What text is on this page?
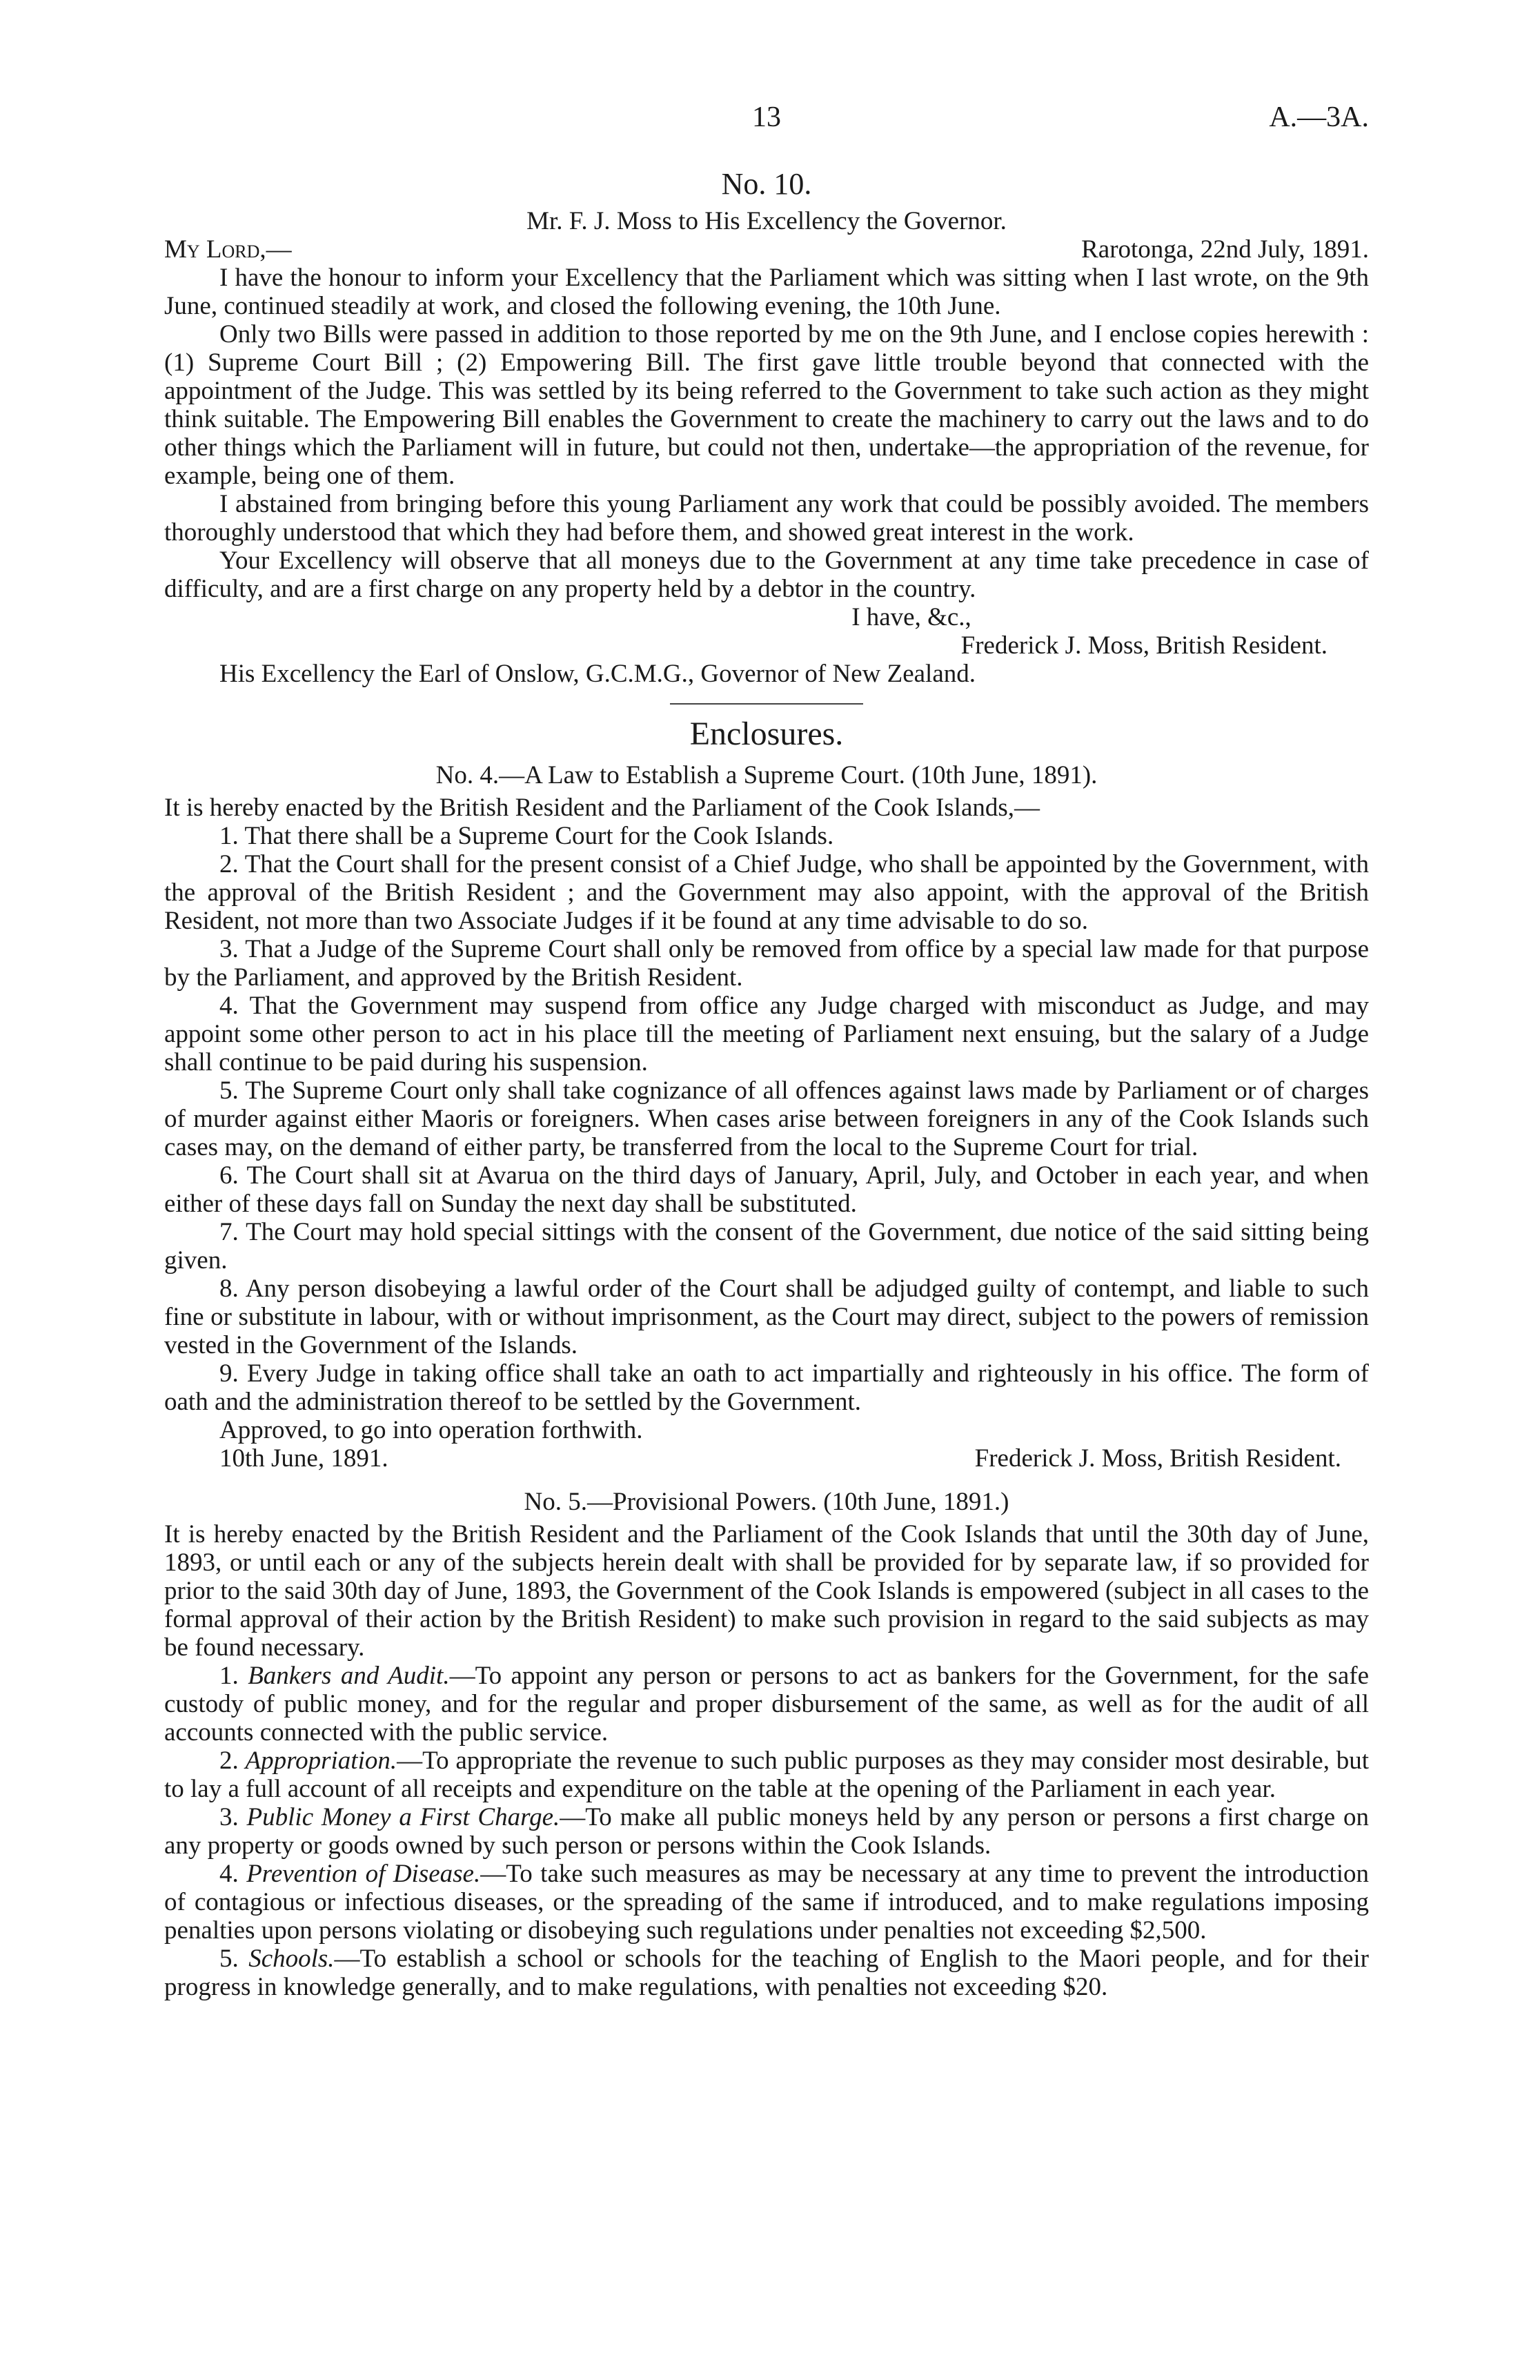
13	A.—3A.
No. 10.
Mr. F. J. Moss to His Excellency the Governor.
My Lord,—	Rarotonga, 22nd July, 1891.

I have the honour to inform your Excellency that the Parliament which was sitting when I last wrote, on the 9th June, continued steadily at work, and closed the following evening, the 10th June.

Only two Bills were passed in addition to those reported by me on the 9th June, and I enclose copies herewith : (1) Supreme Court Bill ; (2) Empowering Bill. The first gave little trouble beyond that connected with the appointment of the Judge. This was settled by its being referred to the Government to take such action as they might think suitable. The Empowering Bill enables the Government to create the machinery to carry out the laws and to do other things which the Parliament will in future, but could not then, undertake—the appropriation of the revenue, for example, being one of them.

I abstained from bringing before this young Parliament any work that could be possibly avoided. The members thoroughly understood that which they had before them, and showed great interest in the work.

Your Excellency will observe that all moneys due to the Government at any time take precedence in case of difficulty, and are a first charge on any property held by a debtor in the country.

I have, &c.,
Frederick J. Moss, British Resident.
His Excellency the Earl of Onslow, G.C.M.G., Governor of New Zealand.
Enclosures.
No. 4.—A Law to Establish a Supreme Court. (10th June, 1891).

It is hereby enacted by the British Resident and the Parliament of the Cook Islands,—

1. That there shall be a Supreme Court for the Cook Islands.

2. That the Court shall for the present consist of a Chief Judge, who shall be appointed by the Government, with the approval of the British Resident ; and the Government may also appoint, with the approval of the British Resident, not more than two Associate Judges if it be found at any time advisable to do so.

3. That a Judge of the Supreme Court shall only be removed from office by a special law made for that purpose by the Parliament, and approved by the British Resident.

4. That the Government may suspend from office any Judge charged with misconduct as Judge, and may appoint some other person to act in his place till the meeting of Parliament next ensuing, but the salary of a Judge shall continue to be paid during his suspension.

5. The Supreme Court only shall take cognizance of all offences against laws made by Parliament or of charges of murder against either Maoris or foreigners. When cases arise between foreigners in any of the Cook Islands such cases may, on the demand of either party, be transferred from the local to the Supreme Court for trial.

6. The Court shall sit at Avarua on the third days of January, April, July, and October in each year, and when either of these days fall on Sunday the next day shall be substituted.

7. The Court may hold special sittings with the consent of the Government, due notice of the said sitting being given.

8. Any person disobeying a lawful order of the Court shall be adjudged guilty of contempt, and liable to such fine or substitute in labour, with or without imprisonment, as the Court may direct, subject to the powers of remission vested in the Government of the Islands.

9. Every Judge in taking office shall take an oath to act impartially and righteously in his office. The form of oath and the administration thereof to be settled by the Government.

Approved, to go into operation forthwith.
10th June, 1891.	Frederick J. Moss, British Resident.
No. 5.—Provisional Powers. (10th June, 1891.)

It is hereby enacted by the British Resident and the Parliament of the Cook Islands that until the 30th day of June, 1893, or until each or any of the subjects herein dealt with shall be provided for by separate law, if so provided for prior to the said 30th day of June, 1893, the Government of the Cook Islands is empowered (subject in all cases to the formal approval of their action by the British Resident) to make such provision in regard to the said subjects as may be found necessary.

1. Bankers and Audit.—To appoint any person or persons to act as bankers for the Government, for the safe custody of public money, and for the regular and proper disbursement of the same, as well as for the audit of all accounts connected with the public service.

2. Appropriation.—To appropriate the revenue to such public purposes as they may consider most desirable, but to lay a full account of all receipts and expenditure on the table at the opening of the Parliament in each year.

3. Public Money a First Charge.—To make all public moneys held by any person or persons a first charge on any property or goods owned by such person or persons within the Cook Islands.

4. Prevention of Disease.—To take such measures as may be necessary at any time to prevent the introduction of contagious or infectious diseases, or the spreading of the same if introduced, and to make regulations imposing penalties upon persons violating or disobeying such regulations under penalties not exceeding $2,500.

5. Schools.—To establish a school or schools for the teaching of English to the Maori people, and for their progress in knowledge generally, and to make regulations, with penalties not exceeding $20.
